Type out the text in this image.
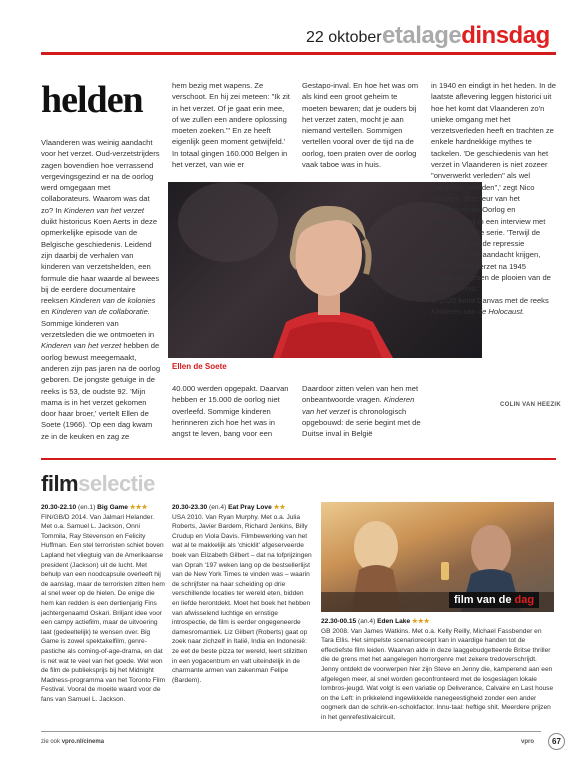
22 oktober etalagedinsdag
helden

Vlaanderen was weinig aandacht voor het verzet. Oud-verzetstrijders zagen bovendien hoe verrassend vergevingsgezind er na de oorlog werd omgegaan met collaborateurs. Waarom was dat zo? In Kinderen van het verzet duikt historicus Koen Aerts in deze opmerkelijke episode van de Belgische geschiedenis. Leidend zijn daarbij de verhalen van kinderen van verzetshelden, een formule die haar waarde al bewees bij de eerdere documentaire reeksen Kinderen van de kolonies en Kinderen van de collaboratie. Sommige kinderen van verzetsleden die we ontmoeten in Kinderen van het verzet hebben de oorlog bewust meegemaakt, anderen zijn pas jaren na de oorlog geboren. De jongste getuige in de reeks is 53, de oudste 92. 'Mijn mama is in het verzet gekomen door haar broer,' vertelt Ellen de Soete (1966). 'Op een dag kwam ze in de keuken en zag ze

hem bezig met wapens. Ze verschoot. En hij zei meteen: "Ik zit in het verzet. Of je gaat erin mee, of we zullen een andere oplossing moeten zoeken."' En ze heeft eigenlijk geen moment getwijfeld.' In totaal gingen 160.000 Belgen in het verzet, van wie er

Gestapo-inval. En hoe het was om als kind een groot geheim te moeten bewaren; dat je ouders bij het verzet zaten, mocht je aan niemand vertellen. Sommigen vertellen vooral over de tijd na de oorlog, toen praten over de oorlog vaak taboe was in huis.

Ellen de Soete

40.000 werden opgepakt. Daarvan hebben er 15.000 de oorlog niet overleefd. Sommige kinderen herinneren zich hoe het was in angst te leven, bang voor een

Daardoor zitten velen van hen met onbeantwoorde vragen. Kinderen van het verzet is chronologisch opgebouwd: de serie begint met de Duitse inval in België

in 1940 en eindigt in het heden. In de laatste aflevering leggen historici uit hoe het komt dat Vlaanderen zo'n unieke omgang met het verzetsverleden heeft en trachten ze enkele hardnekkige mythes te tackelen. 'De geschiedenis van het verzet in Vlaanderen is niet zozeer "onverwerkt verleden" als wel "vergeten verleden",' zegt Nico Wouters, directeur van het Studiecentrum Oorlog en Maatschappij in een interview met Canvas over de serie. 'Terwijl de collaboratie en de repressie overmatig veel aandacht krijgen, verdwijnt het verzet na 1945 geleidelijk tussen de plooien van de geschiedenis.'

In 2020 komt Canvas met de reeks Kinderen van de Holocaust.

COLIN VAN HEEZIK
filmselectie
20.30-22.10 (en.1) Big Game ★★★
FIN/GB/D 2014. Van Jalmari Helander. Met o.a. Samuel L. Jackson, Onni Tommila, Ray Stevenson en Felicity Huffman. Een stel terroristen schiet boven Lapland het vliegtuig van de Amerikaanse president (Jackson) uit de lucht. Met behulp van een noodcapsule overleeft hij de aanslag, maar de terroristen zitten hem al snel weer op de hielen. De enige die hem kan redden is een dertienjarig Fins jachtergenaamd Oskari. Briljant idee voor een campy actiefilm, maar de uitvoering laat (gedeeltelijk) te wensen over. Big Game is zowel spektakelfilm, genre-pastiche als coming-of-age-drama, en dat is net wat te veel van het goede. Wel won de film de publieksprijs bij het Midnight Madness-programma van het Toronto Film Festival. Vooral de moeite waard voor de fans van Samuel L. Jackson.
20.30-23.30 (en.4) Eat Pray Love ★★
USA 2010. Van Ryan Murphy. Met o.a. Julia Roberts, Javier Bardem, Richard Jenkins, Billy Crudup en Viola Davis. Filmbewerking van het wat al te makkelijk als 'chicklit' afgeserveerde boek van Elizabeth Gilbert – dat na lofprijzingen van Oprah '197 weken lang op de bestsellerlijst van de New York Times te vinden was – waarin de schrijfster na haar scheiding op drie verschillende locaties ter wereld eten, bidden en liefde herontdekt. Moet het boek het hebben van afwisselend luchtige en ernstige introspectie, de film is eerder ongegeneerde damesromantiek. Liz Gilbert (Roberts) gaat op zoek naar zichzelf in Italië, India en Indonesië: ze eet de beste pizza ter wereld, leert stilzitten in een yogacentrum en valt uiteindelijk in de charmante armen van zakenman Felipe (Bardem).
film van de dag
22.30-00.15 (an.4) Eden Lake ★★★
GB 2008. Van James Watkins. Met o.a. Kelly Reilly, Michael Fassbender en Tara Ellis. Het simpelste scenariorecept kan in vaardige handen tot de effectiefste film leiden. Waarvan alde in deze laaggebudgetteerde Britse thriller die de grens met het aangelegen horrorgenre met zekere tredoverschrijdt. Jenny ontdekt de voorwerpen hier zijn Steve en Jenny die, kamperend aan een afgelegen meer, al snel worden geconfronteerd met de losgeslagen lokale lombros-jeugd. Wat volgt is een variatie op Deliverance, Calvaire en Last house on the Left: in prikkelend ingewikkelde nanegeestigheid zonder een ander oogmerk dan de schrik-en-schokfactor. Innu-taal: heftige shit. Meerdere prijzen in het genrefestivalcircuit.
zie ook vpro.nl/cinema	vpro	67
